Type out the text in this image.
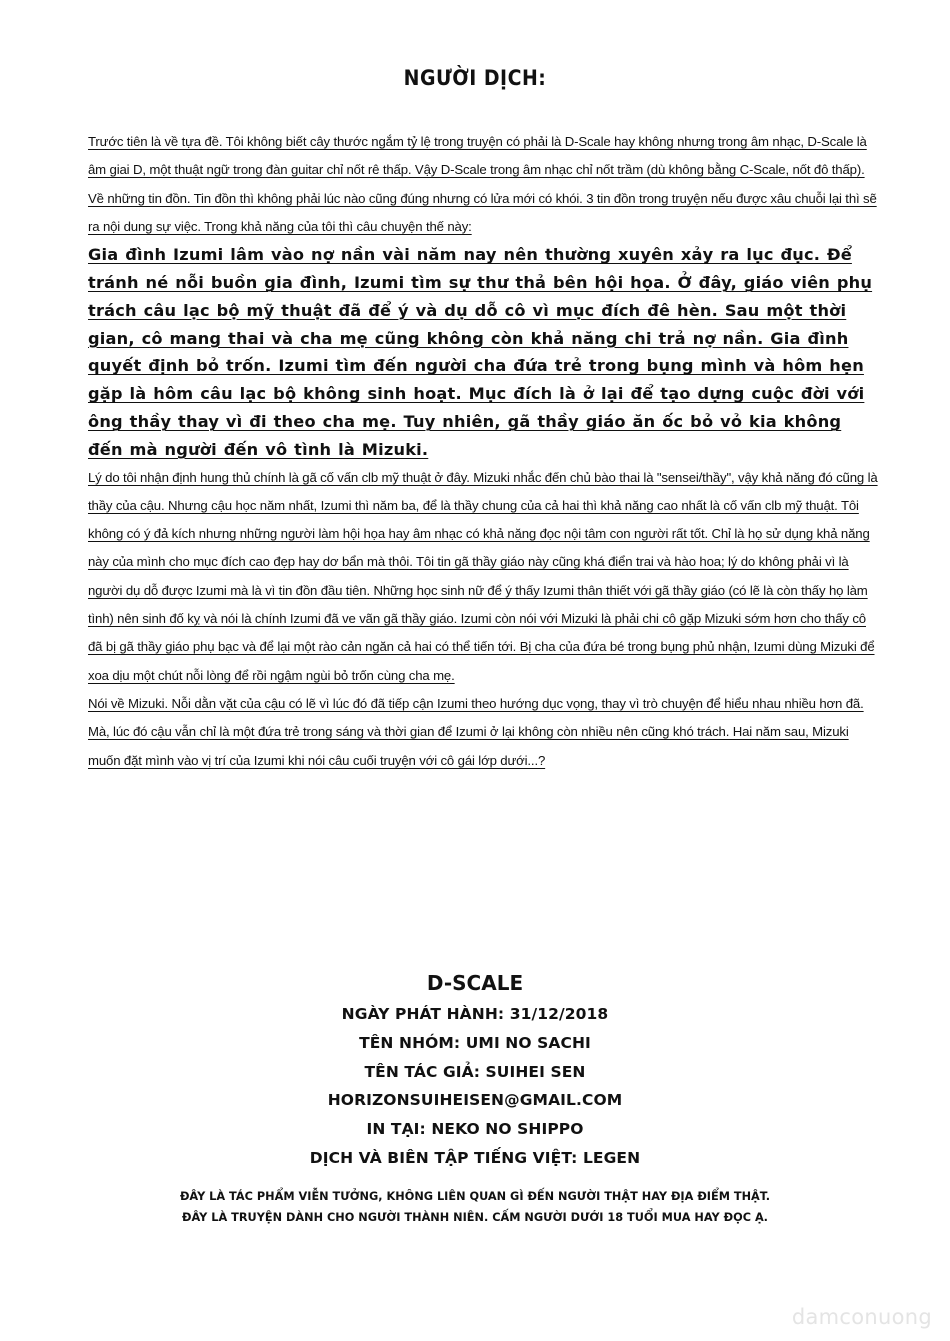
NGƯỜI DỊCH:

Trước tiên là về tựa đề. Tôi không biết cây thước ngắm tỷ lệ trong truyện có phải là D-Scale hay không nhưng trong âm nhạc, D-Scale là âm giai D, một thuật ngữ trong đàn guitar chỉ nốt rê thấp. Vậy D-Scale trong âm nhạc chỉ nốt trầm (dù không bằng C-Scale, nốt đô thấp).

Về những tin đồn. Tin đồn thì không phải lúc nào cũng đúng nhưng có lửa mới có khói. 3 tin đồn trong truyện nếu được xâu chuỗi lại thì sẽ ra nội dung sự việc. Trong khả năng của tôi thì câu chuyện thế này:

Gia đình Izumi lâm vào nợ nần vài năm nay nên thường xuyên xảy ra lục đục. Để tránh né nỗi buồn gia đình, Izumi tìm sự thư thả bên hội họa. Ở đây, giáo viên phụ trách câu lạc bộ mỹ thuật đã để ý và dụ dỗ cô vì mục đích đê hèn. Sau một thời gian, cô mang thai và cha mẹ cũng không còn khả năng chi trả nợ nần. Gia đình quyết định bỏ trốn. Izumi tìm đến người cha đứa trẻ trong bụng mình và hôm hẹn gặp là hôm câu lạc bộ không sinh hoạt. Mục đích là ở lại để tạo dựng cuộc đời với ông thầy thay vì đi theo cha mẹ. Tuy nhiên, gã thầy giáo ăn ốc bỏ vỏ kia không đến mà người đến vô tình là Mizuki.

Lý do tôi nhận định hung thủ chính là gã cố vấn clb mỹ thuật ở đây. Mizuki nhắc đến chủ bào thai là "sensei/thầy", vậy khả năng đó cũng là thầy của cậu. Nhưng cậu học năm nhất, Izumi thì năm ba, để là thầy chung của cả hai thì khả năng cao nhất là cố vấn clb mỹ thuật. Tôi không có ý đả kích nhưng những người làm hội họa hay âm nhạc có khả năng đọc nội tâm con người rất tốt. Chỉ là họ sử dụng khả năng này của mình cho mục đích cao đẹp hay dơ bẩn mà thôi. Tôi tin gã thầy giáo này cũng khá điển trai và hào hoa; lý do không phải vì là người dụ dỗ được Izumi mà là vì tin đồn đầu tiên. Những học sinh nữ để ý thấy Izumi thân thiết với gã thầy giáo (có lẽ là còn thấy họ làm tình) nên sinh đố kỵ và nói là chính Izumi đã ve vãn gã thầy giáo. Izumi còn nói với Mizuki là phải chi cô gặp Mizuki sớm hơn cho thấy cô đã bị gã thầy giáo phụ bạc và để lại một rào cản ngăn cả hai có thể tiến tới. Bị cha của đứa bé trong bụng phủ nhận, Izumi dùng Mizuki để xoa dịu một chút nỗi lòng để rồi ngậm ngùi bỏ trốn cùng cha mẹ.

Nói về Mizuki. Nỗi dằn vặt của cậu có lẽ vì lúc đó đã tiếp cận Izumi theo hướng dục vọng, thay vì trò chuyện để hiểu nhau nhiều hơn đã. Mà, lúc đó cậu vẫn chỉ là một đứa trẻ trong sáng và thời gian để Izumi ở lại không còn nhiều nên cũng khó trách. Hai năm sau, Mizuki muốn đặt mình vào vị trí của Izumi khi nói câu cuối truyện với cô gái lớp dưới...?

D-SCALE
NGÀY PHÁT HÀNH: 31/12/2018
TÊN NHÓM: UMI NO SACHI
TÊN TÁC GIẢ: SUIHEI SEN
HORIZONSUIHEISEN@GMAIL.COM
IN TẠI: NEKO NO SHIPPO
DỊCH VÀ BIÊN TẬP TIẾNG VIỆT: LEGEN
ĐÂY LÀ TÁC PHẨM VIỄN TƯỞNG, KHÔNG LIÊN QUAN GÌ ĐẾN NGƯỜI THẬT HAY ĐỊA ĐIỂM THẬT.
ĐÂY LÀ TRUYỆN DÀNH CHO NGƯỜI THÀNH NIÊN. CẤM NGƯỜI DƯỚI 18 TUỔI MUA HAY ĐỌC Ạ.
damconuong
